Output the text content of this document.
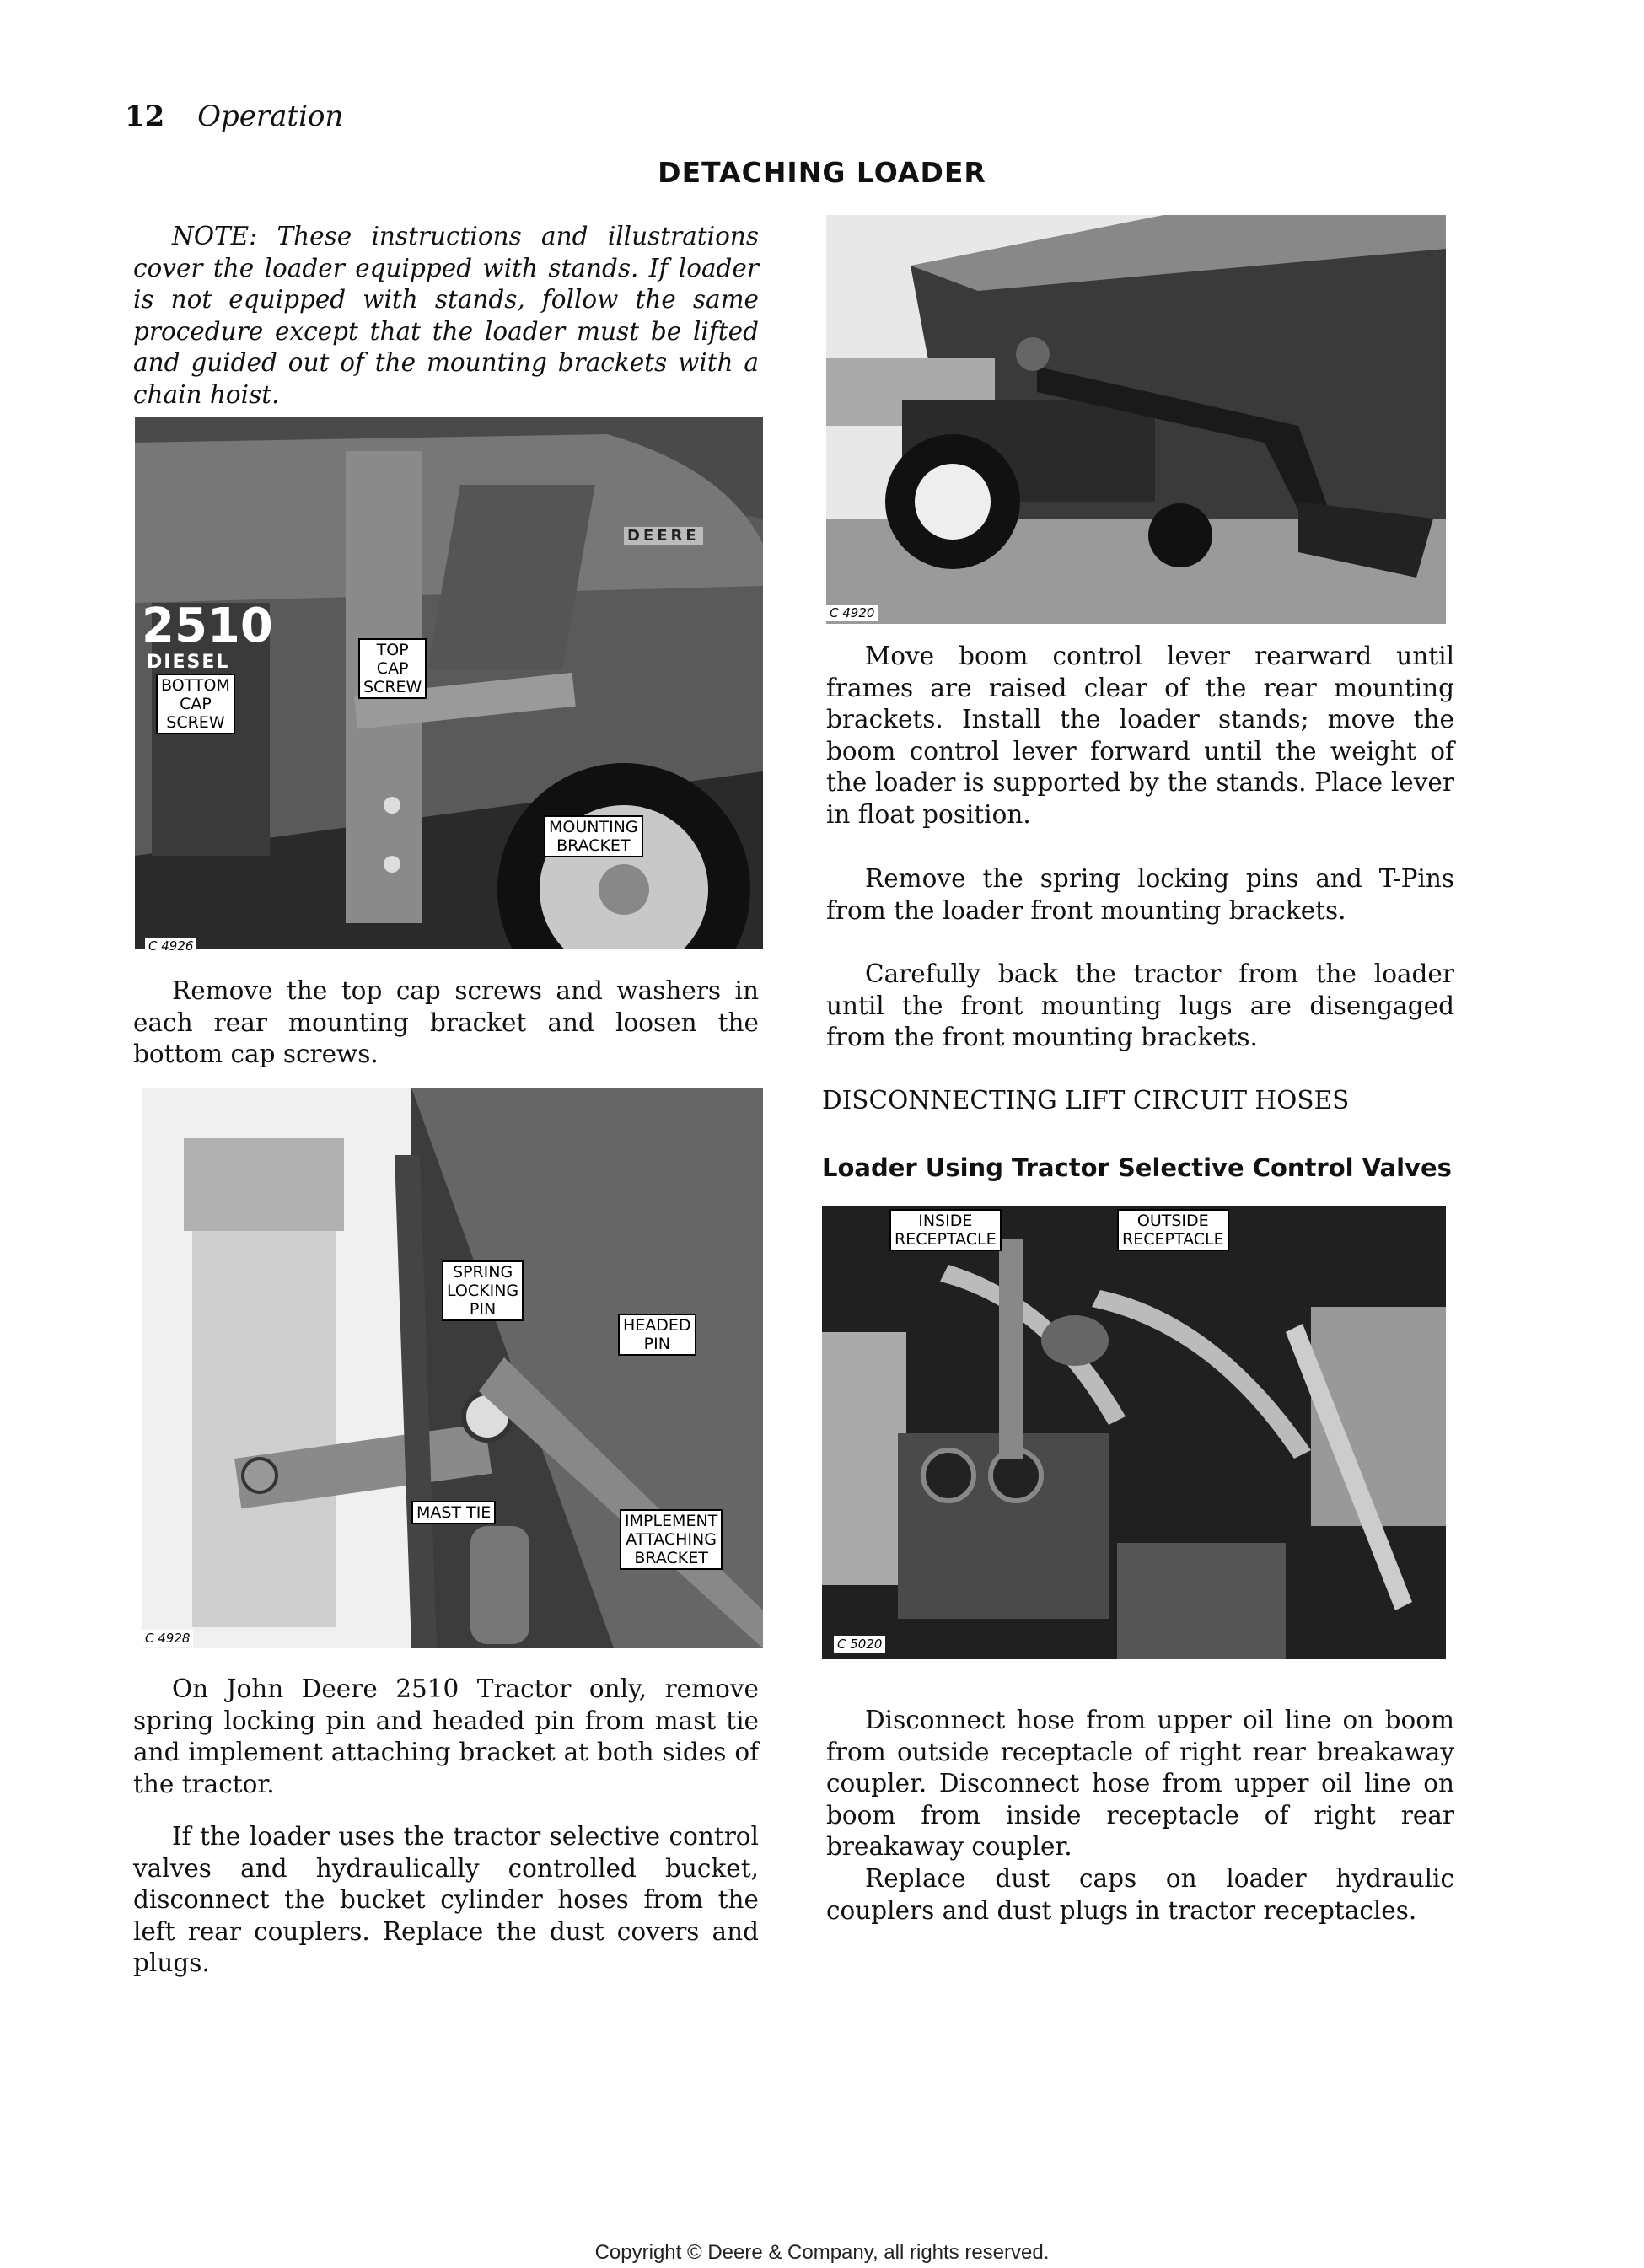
12 Operation
DETACHING LOADER

NOTE: These instructions and illustrations cover the loader equipped with stands. If loader is not equipped with stands, follow the same procedure except that the loader must be lifted and guided out of the mounting brackets with a chain hoist.

2510
DIESEL
DEERE
BOTTOM
CAP
SCREW
TOP
CAP
SCREW
MOUNTING
BRACKET
C 4926

Remove the top cap screws and washers in each rear mounting bracket and loosen the bottom cap screws.

SPRING
LOCKING
PIN
HEADED
PIN
MAST TIE	IMPLEMENT
ATTACHING
BRACKET
C 4928

On John Deere 2510 Tractor only, remove spring locking pin and headed pin from mast tie and implement attaching bracket at both sides of the tractor.

If the loader uses the tractor selective control valves and hydraulically controlled bucket, disconnect the bucket cylinder hoses from the left rear couplers. Replace the dust covers and plugs.

C 4920

Move boom control lever rearward until frames are raised clear of the rear mounting brackets. Install the loader stands; move the boom control lever forward until the weight of the loader is supported by the stands. Place lever in float position.

Remove the spring locking pins and T-Pins from the loader front mounting brackets.

Carefully back the tractor from the loader until the front mounting lugs are disengaged from the front mounting brackets.

DISCONNECTING LIFT CIRCUIT HOSES
Loader Using Tractor Selective Control Valves
INSIDE
RECEPTACLE
OUTSIDE
RECEPTACLE
C 5020

Disconnect hose from upper oil line on boom from outside receptacle of right rear breakaway coupler. Disconnect hose from upper oil line on boom from inside receptacle of right rear breakaway coupler.

Replace dust caps on loader hydraulic couplers and dust plugs in tractor receptacles.

Copyright © Deere & Company, all rights reserved.
